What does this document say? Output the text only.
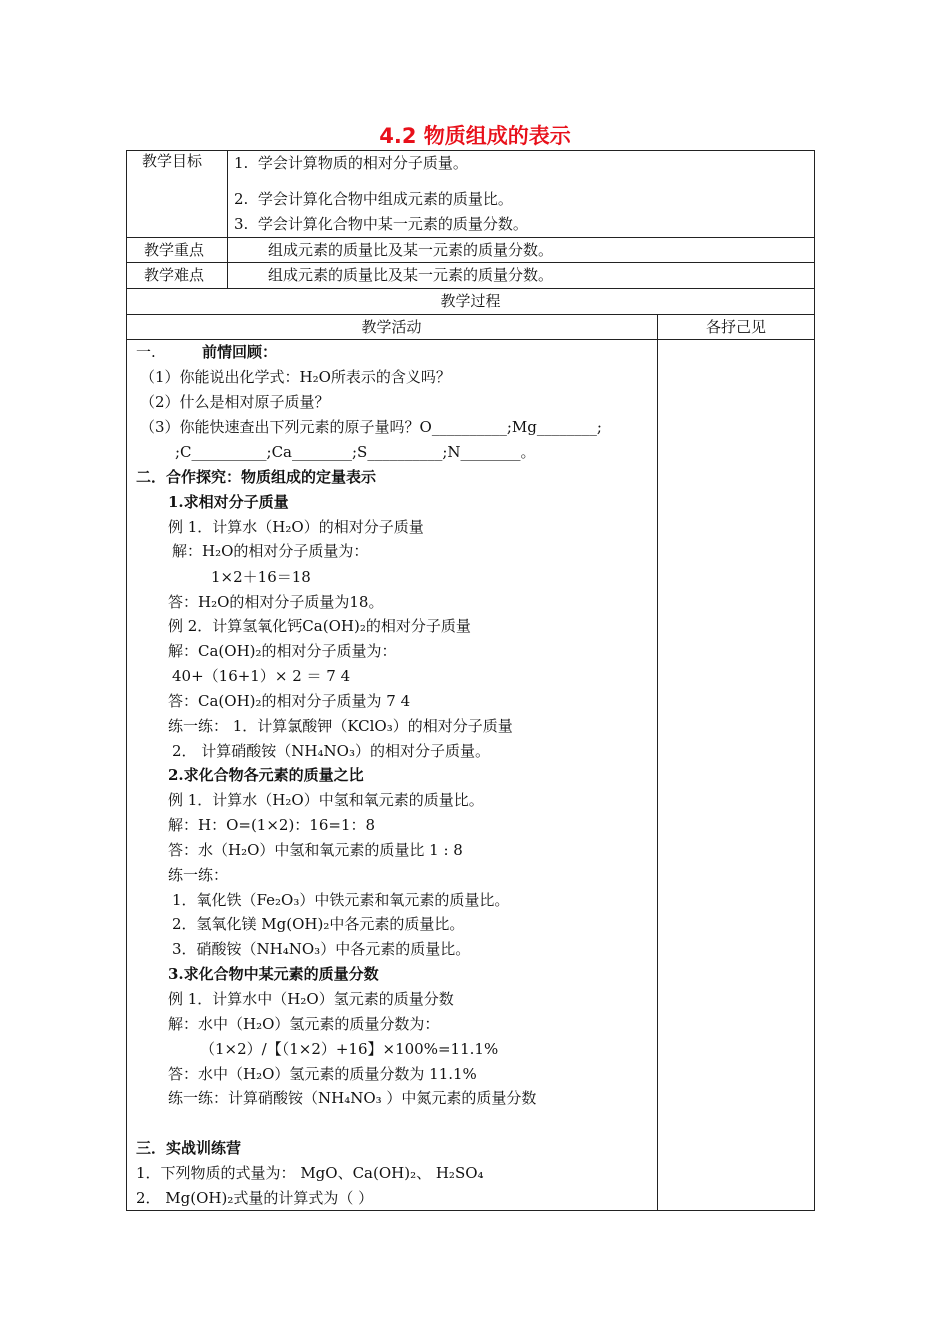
4.2 物质组成的表示
教学目标 1.  学会计算物质的相对分子质量。
2.  学会计算化合物中组成元素的质量比。
3.  学会计算化合物中某一元素的质量分数。
教学重点	组成元素的质量比及某一元素的质量分数。
教学难点	组成元素的质量比及某一元素的质量分数。
教学过程
教学活动	各抒己见
一.	前情回顾：
（1）你能说出化学式：H₂O所表示的含义吗？
（2）什么是相对原子质量？
（3）你能快速查出下列元素的原子量吗？O__________;Mg________;
;C__________;Ca________;S__________;N________。
二．合作探究：物质组成的定量表示
1.求相对分子质量
例 1．计算水（H₂O）的相对分子质量
解：H₂O的相对分子质量为：
1×2＋16＝18
答：H₂O的相对分子质量为18。
例 2．计算氢氧化钙Ca(OH)₂的相对分子质量
解：Ca(OH)₂的相对分子质量为：
40+（16+1）× 2 ＝ 7 4
答：Ca(OH)₂的相对分子质量为 7 4
练一练： 1．计算氯酸钾（KClO₃）的相对分子质量
2． 计算硝酸铵（NH₄NO₃）的相对分子质量。
2.求化合物各元素的质量之比
例 1．计算水（H₂O）中氢和氧元素的质量比。
解：H：O=(1×2)：16=1：8
答：水（H₂O）中氢和氧元素的质量比 1 : 8
练一练：
1．氧化铁（Fe₂O₃）中铁元素和氧元素的质量比。
2．氢氧化镁 Mg(OH)₂中各元素的质量比。
3．硝酸铵（NH₄NO₃）中各元素的质量比。
3.求化合物中某元素的质量分数
例 1．计算水中（H₂O）氢元素的质量分数
解：水中（H₂O）氢元素的质量分数为：
（1×2）/【（1×2）+16】×100%=11.1%
答：水中（H₂O）氢元素的质量分数为 11.1%
练一练：计算硝酸铵（NH₄NO₃ ）中氮元素的质量分数
三．实战训练营
1．下列物质的式量为： MgO、Ca(OH)₂、 H₂SO₄
2． Mg(OH)₂式量的计算式为（ ）
